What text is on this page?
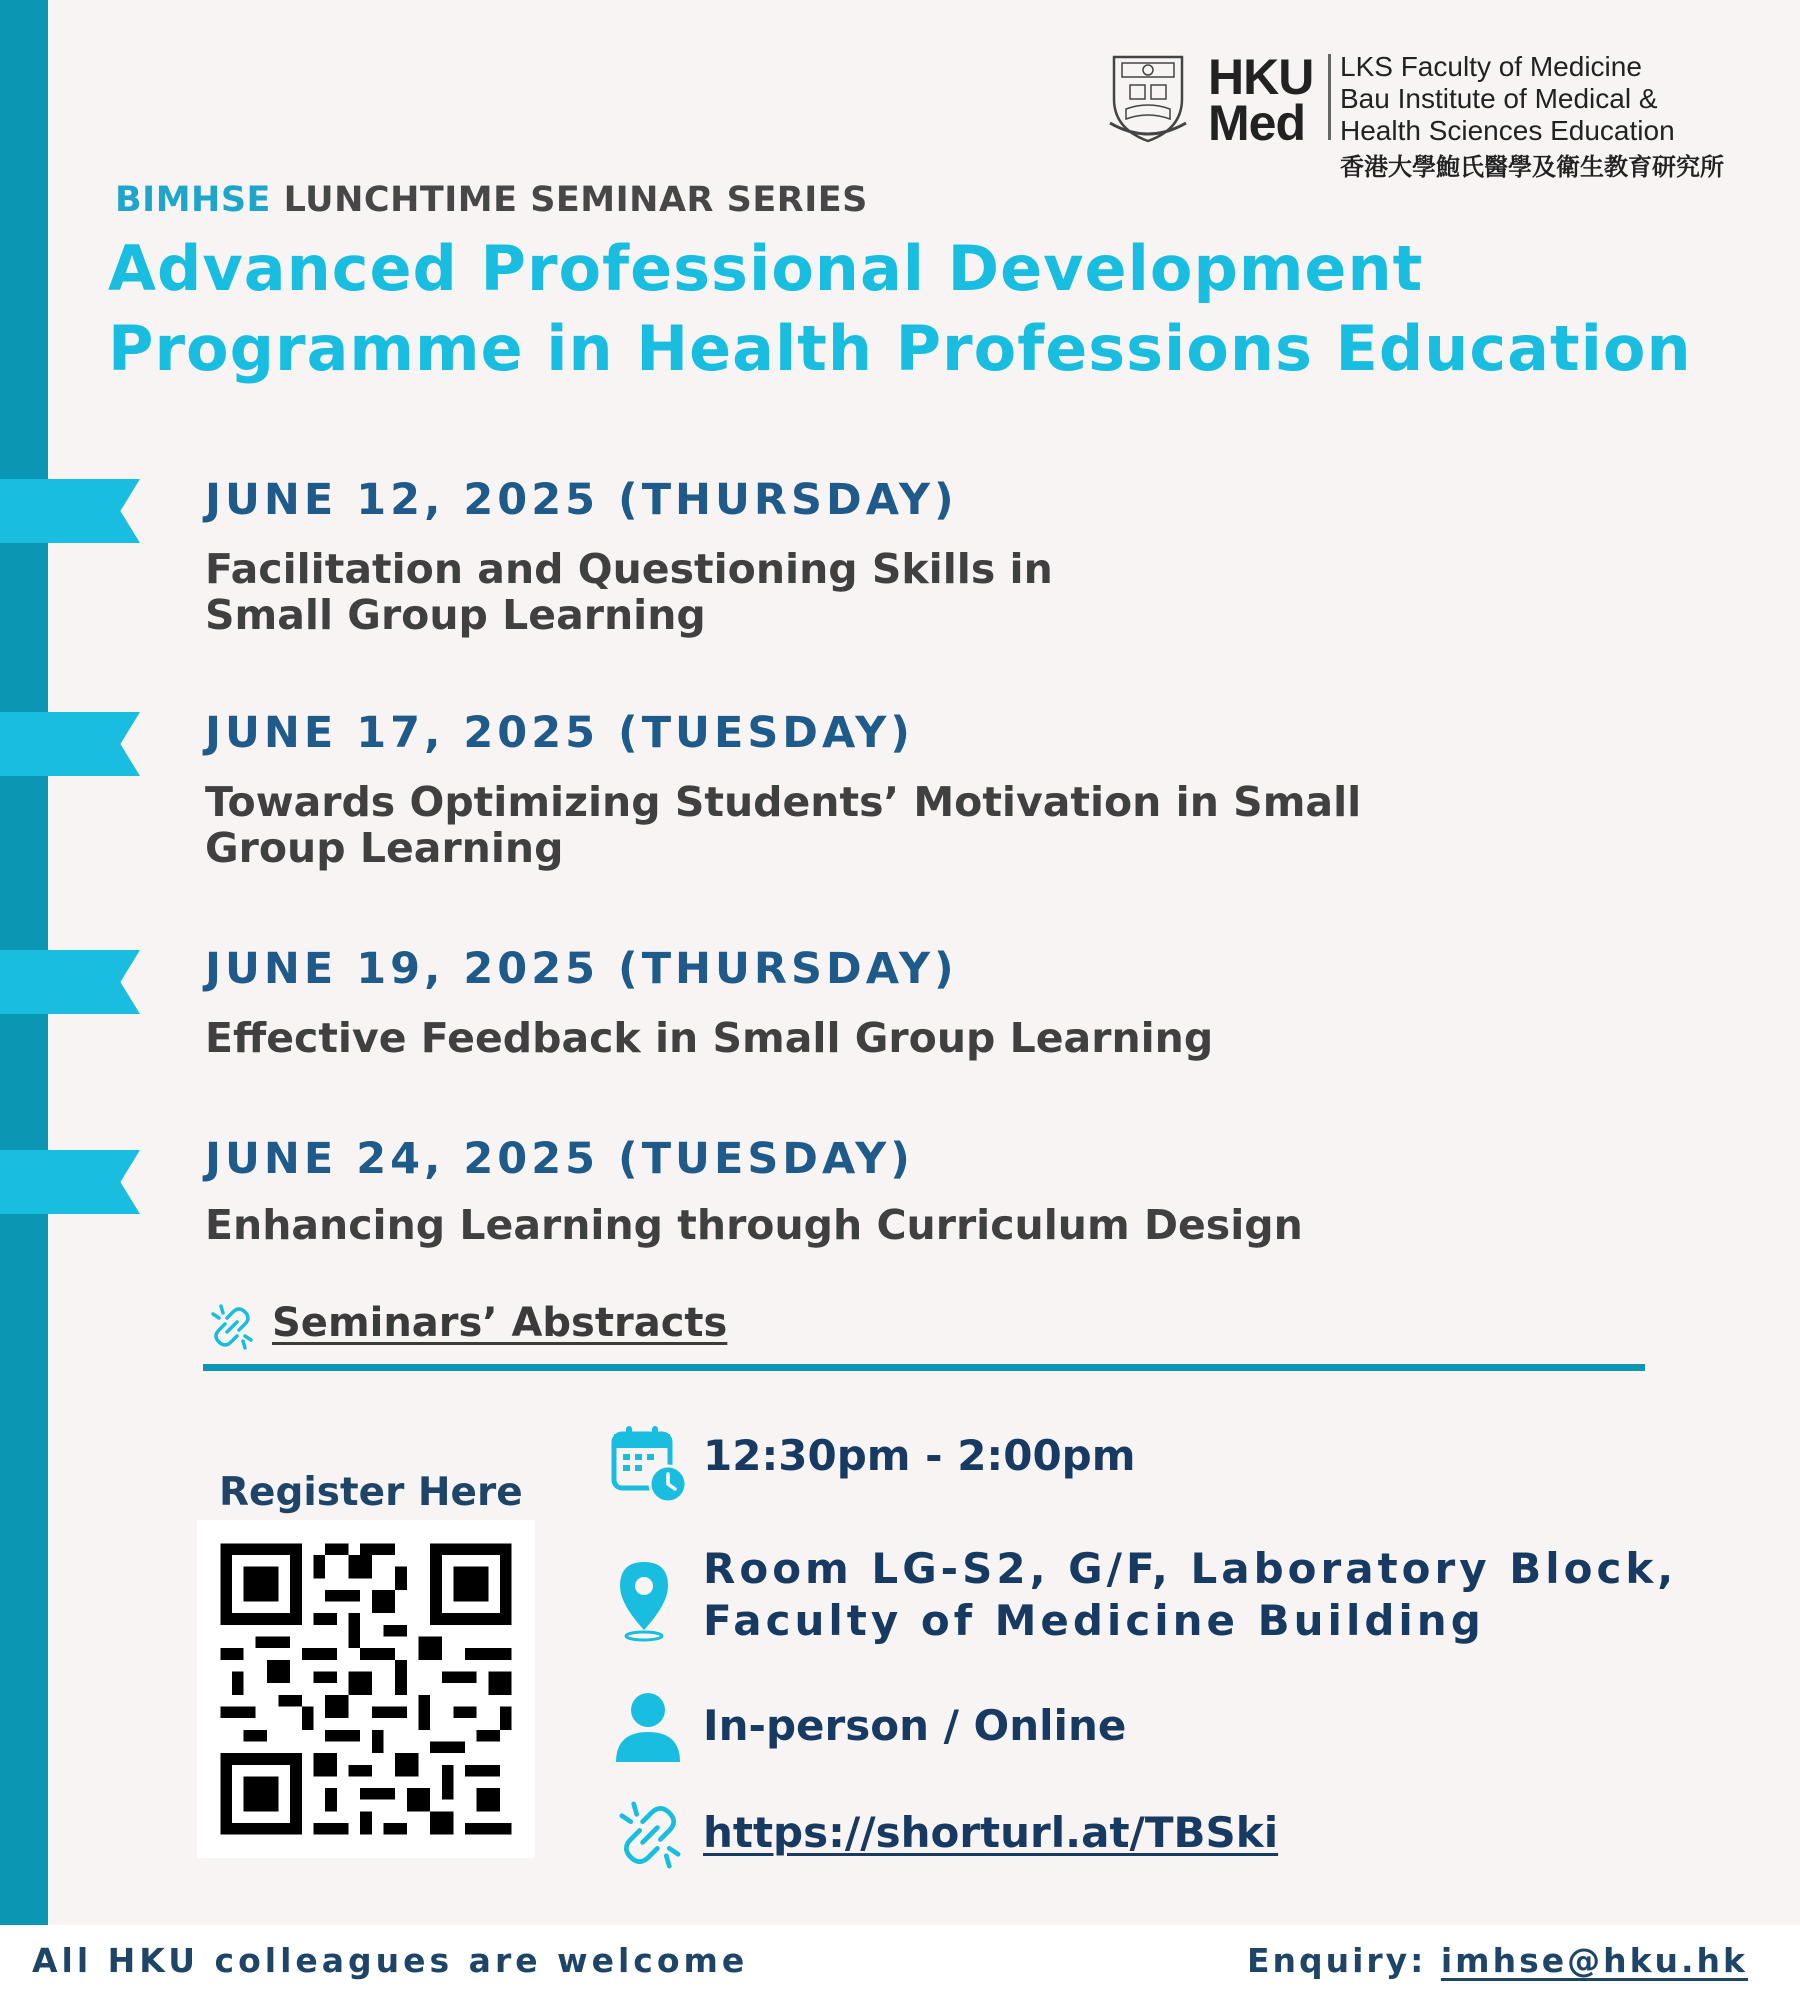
HKU
Med
LKS Faculty of Medicine
Bau Institute of Medical &
Health Sciences Education
香港大學鮑氏醫學及衛生教育研究所
BIMHSE LUNCHTIME SEMINAR SERIES
Advanced Professional Development
Programme in Health Professions Education
JUNE 12, 2025 (THURSDAY)
Facilitation and Questioning Skills in
Small Group Learning
JUNE 17, 2025 (TUESDAY)
Towards Optimizing Students’ Motivation in Small
Group Learning
JUNE 19, 2025 (THURSDAY)
Effective Feedback in Small Group Learning
JUNE 24, 2025 (TUESDAY)
Enhancing Learning through Curriculum Design
Seminars’ Abstracts
Register Here
12:30pm - 2:00pm
Room LG-S2, G/F, Laboratory Block,
Faculty of Medicine Building
In-person / Online
https://shorturl.at/TBSki
All HKU colleagues are welcome	Enquiry: imhse@hku.hk
